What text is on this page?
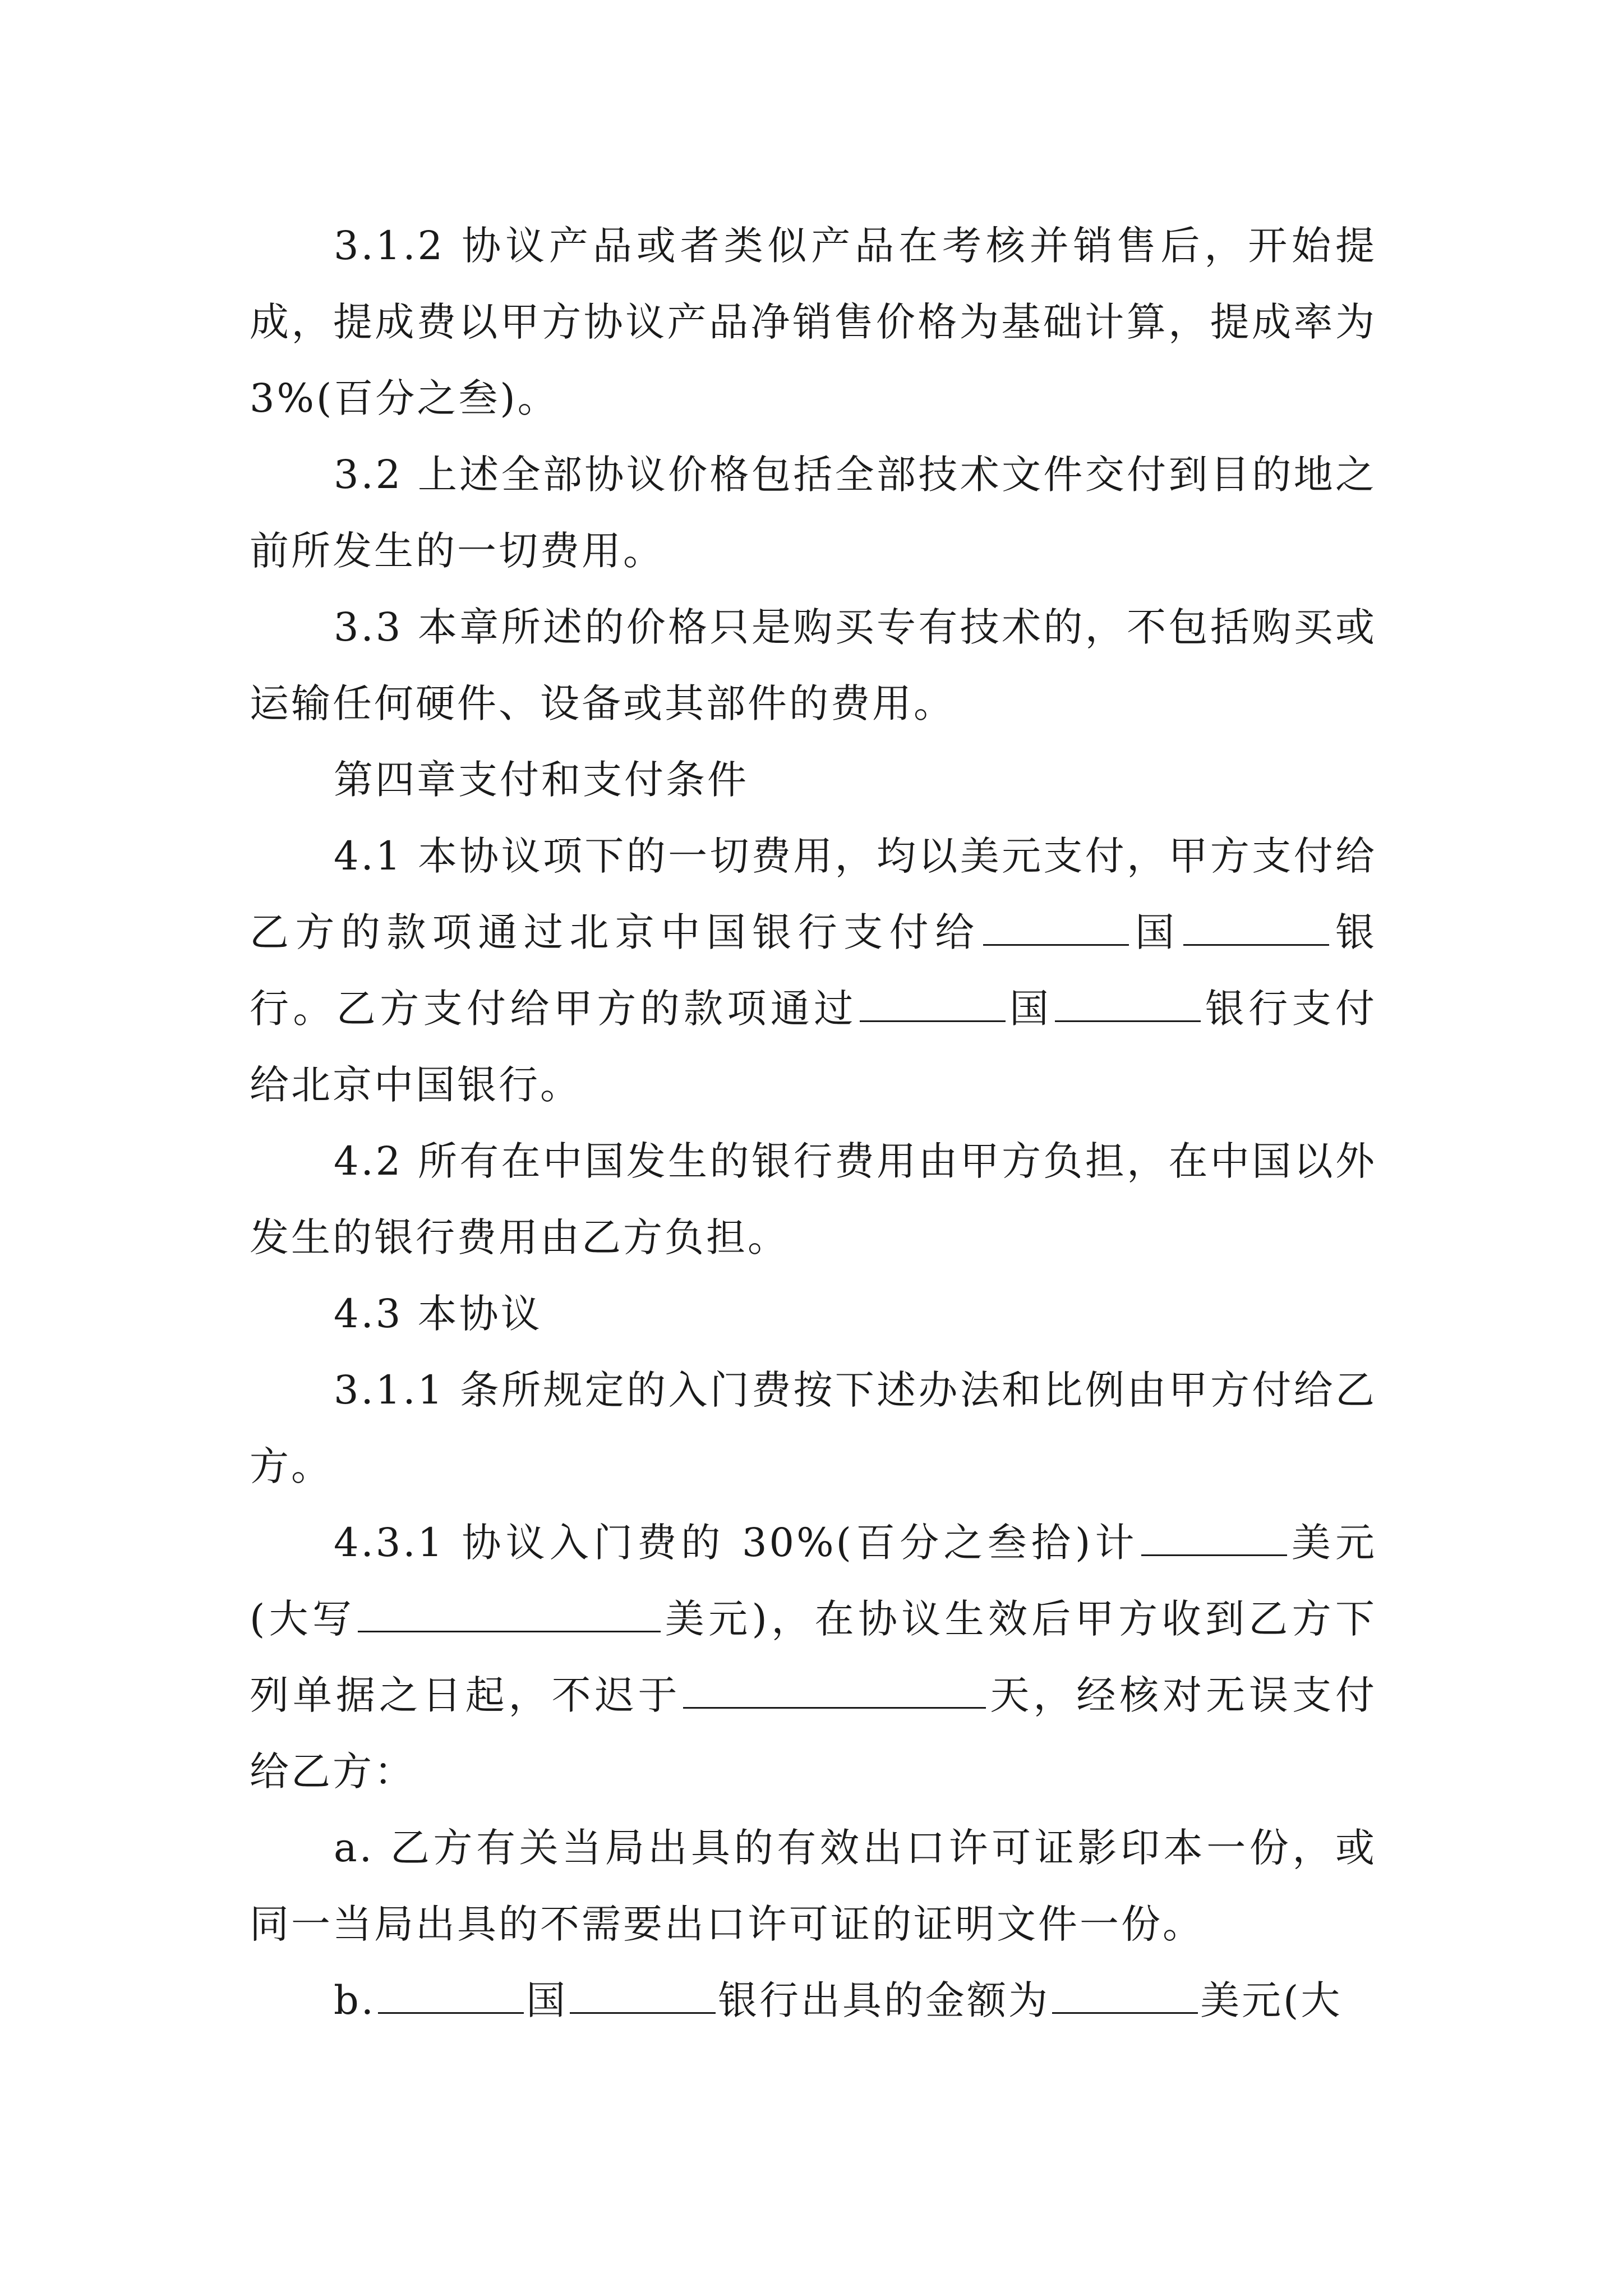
3.1.2 协议产品或者类似产品在考核并销售后，开始提成，提成费以甲方协议产品净销售价格为基础计算，提成率为 3%(百分之叁)。

3.2 上述全部协议价格包括全部技术文件交付到目的地之前所发生的一切费用。

3.3 本章所述的价格只是购买专有技术的，不包括购买或运输任何硬件、设备或其部件的费用。

第四章支付和支付条件

4.1 本协议项下的一切费用，均以美元支付，甲方支付给乙方的款项通过北京中国银行支付给	国	银行。乙方支付给甲方的款项通过	国	银行支付给北京中国银行。

4.2 所有在中国发生的银行费用由甲方负担，在中国以外发生的银行费用由乙方负担。

4.3 本协议

3.1.1 条所规定的入门费按下述办法和比例由甲方付给乙方。

4.3.1 协议入门费的 30%(百分之叁拾)计	美元(大写	美元)，在协议生效后甲方收到乙方下列单据之日起，不迟于	天，经核对无误支付给乙方：

a. 乙方有关当局出具的有效出口许可证影印本一份，或同一当局出具的不需要出口许可证的证明文件一份。

b.	国	银行出具的金额为	美元(大
